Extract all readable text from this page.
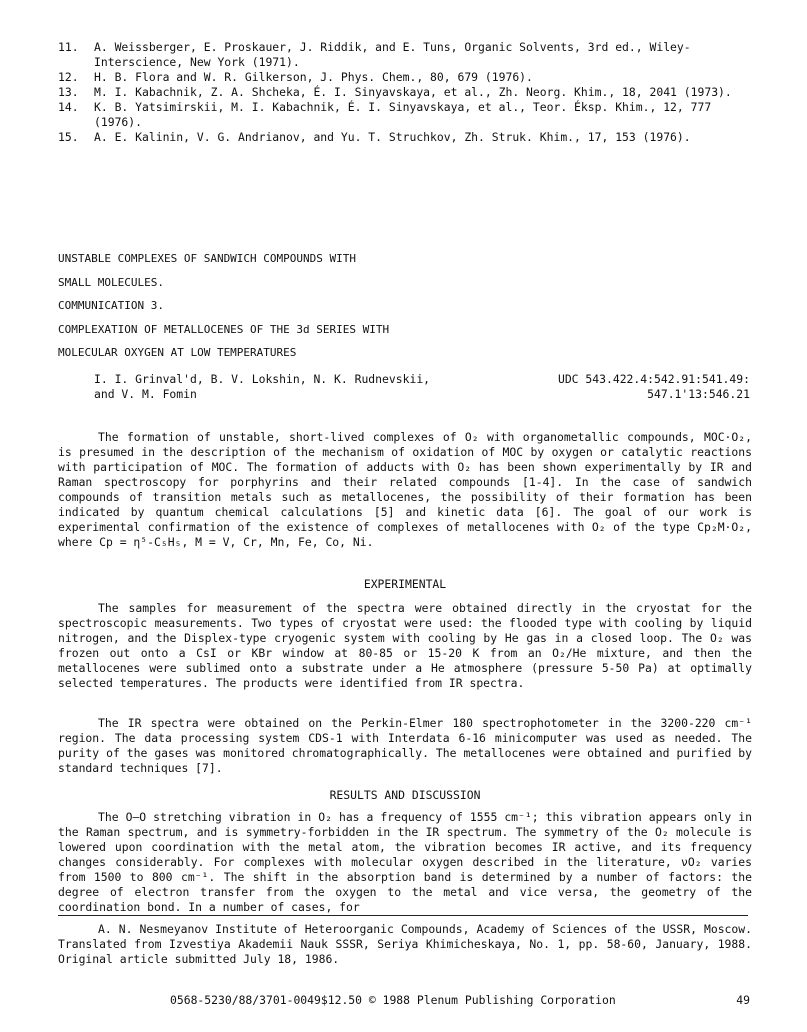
11.	A. Weissberger, E. Proskauer, J. Riddik, and E. Tuns, Organic Solvents, 3rd ed., Wiley-Interscience, New York (1971).
12.	H. B. Flora and W. R. Gilkerson, J. Phys. Chem., 80, 679 (1976).
13.	M. I. Kabachnik, Z. A. Shcheka, É. I. Sinyavskaya, et al., Zh. Neorg. Khim., 18, 2041 (1973).
14.	K. B. Yatsimirskii, M. I. Kabachnik, É. I. Sinyavskaya, et al., Teor. Éksp. Khim., 12, 777 (1976).
15.	A. E. Kalinin, V. G. Andrianov, and Yu. T. Struchkov, Zh. Struk. Khim., 17, 153 (1976).
UNSTABLE COMPLEXES OF SANDWICH COMPOUNDS WITH
SMALL MOLECULES.
COMMUNICATION 3.
COMPLEXATION OF METALLOCENES OF THE 3d SERIES WITH
MOLECULAR OXYGEN AT LOW TEMPERATURES
I. I. Grinval'd, B. V. Lokshin, N. K. Rudnevskii,
and V. M. Fomin
UDC 543.422.4:542.91:541.49:
547.1'13:546.21

The formation of unstable, short-lived complexes of O₂ with organometallic compounds, MOC·O₂, is presumed in the description of the mechanism of oxidation of MOC by oxygen or catalytic reactions with participation of MOC. The formation of adducts with O₂ has been shown experimentally by IR and Raman spectroscopy for porphyrins and their related compounds [1-4]. In the case of sandwich compounds of transition metals such as metallocenes, the possibility of their formation has been indicated by quantum chemical calculations [5] and kinetic data [6]. The goal of our work is experimental confirmation of the existence of complexes of metallocenes with O₂ of the type Cp₂M·O₂, where Cp = η⁵-C₅H₅, M = V, Cr, Mn, Fe, Co, Ni.

EXPERIMENTAL

The samples for measurement of the spectra were obtained directly in the cryostat for the spectroscopic measurements. Two types of cryostat were used: the flooded type with cooling by liquid nitrogen, and the Displex-type cryogenic system with cooling by He gas in a closed loop. The O₂ was frozen out onto a CsI or KBr window at 80-85 or 15-20 K from an O₂/He mixture, and then the metallocenes were sublimed onto a substrate under a He atmosphere (pressure 5-50 Pa) at optimally selected temperatures. The products were identified from IR spectra.

The IR spectra were obtained on the Perkin-Elmer 180 spectrophotometer in the 3200-220 cm⁻¹ region. The data processing system CDS-1 with Interdata 6-16 minicomputer was used as needed. The purity of the gases was monitored chromatographically. The metallocenes were obtained and purified by standard techniques [7].

RESULTS AND DISCUSSION

The O—O stretching vibration in O₂ has a frequency of 1555 cm⁻¹; this vibration appears only in the Raman spectrum, and is symmetry-forbidden in the IR spectrum. The symmetry of the O₂ molecule is lowered upon coordination with the metal atom, the vibration becomes IR active, and its frequency changes considerably. For complexes with molecular oxygen described in the literature, νO₂ varies from 1500 to 800 cm⁻¹. The shift in the absorption band is determined by a number of factors: the degree of electron transfer from the oxygen to the metal and vice versa, the geometry of the coordination bond. In a number of cases, for

A. N. Nesmeyanov Institute of Heteroorganic Compounds, Academy of Sciences of the USSR, Moscow. Translated from Izvestiya Akademii Nauk SSSR, Seriya Khimicheskaya, No. 1, pp. 58-60, January, 1988. Original article submitted July 18, 1986.

0568-5230/88/3701-0049$12.50 © 1988 Plenum Publishing Corporation	49
